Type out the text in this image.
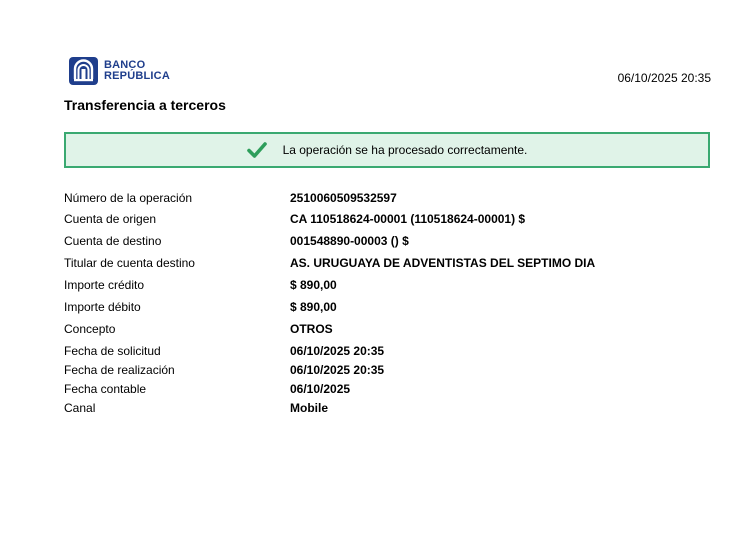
BANCO
REPÚBLICA	06/10/2025 20:35
Transferencia a terceros
La operación se ha procesado correctamente.
Número de la operación	2510060509532597
Cuenta de origen	CA 110518624-00001 (110518624-00001) $
Cuenta de destino	001548890-00003 () $
Titular de cuenta destino	AS. URUGUAYA DE ADVENTISTAS DEL SEPTIMO DIA
Importe crédito	$ 890,00
Importe débito	$ 890,00
Concepto	OTROS
Fecha de solicitud	06/10/2025 20:35
Fecha de realización	06/10/2025 20:35
Fecha contable	06/10/2025
Canal	Mobile
